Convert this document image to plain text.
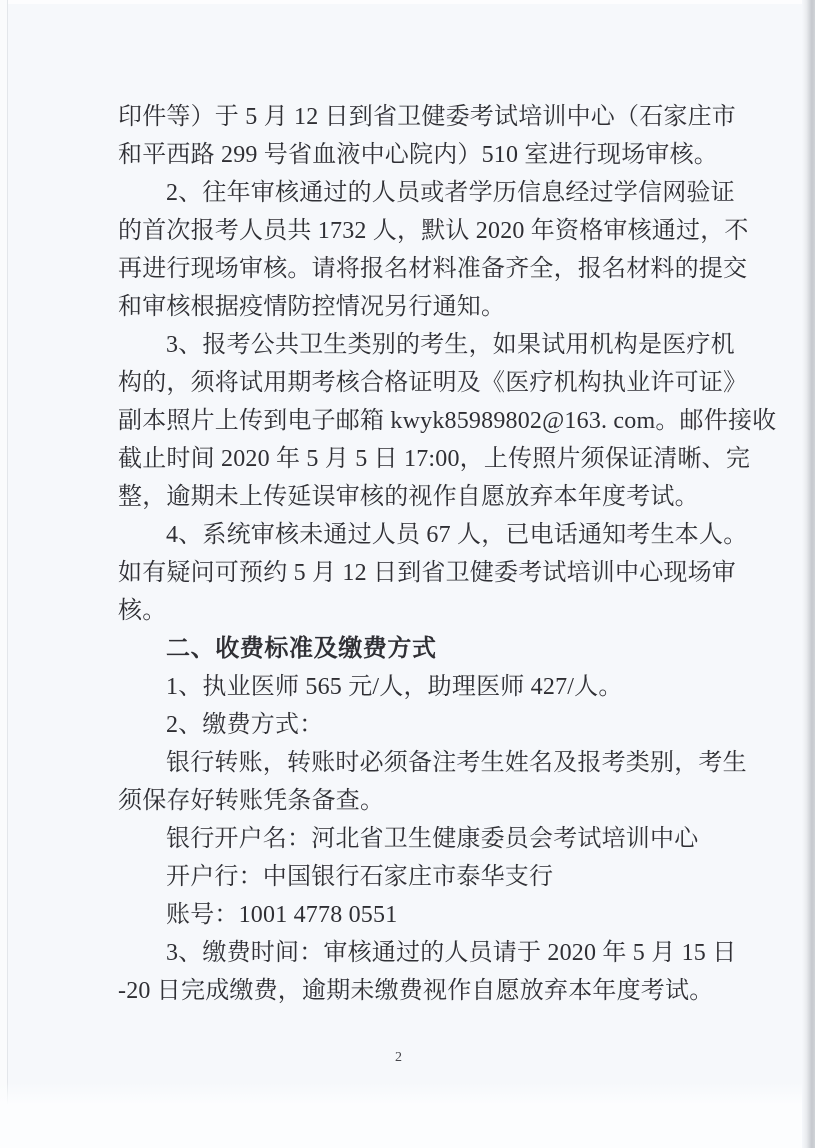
印件等）于 5 月 12 日到省卫健委考试培训中心（石家庄市
和平西路 299 号省血液中心院内）510 室进行现场审核。
2、往年审核通过的人员或者学历信息经过学信网验证
的首次报考人员共 1732 人，默认 2020 年资格审核通过，不
再进行现场审核。请将报名材料准备齐全，报名材料的提交
和审核根据疫情防控情况另行通知。
3、报考公共卫生类别的考生，如果试用机构是医疗机
构的，须将试用期考核合格证明及《医疗机构执业许可证》
副本照片上传到电子邮箱 kwyk85989802@163. com。邮件接收
截止时间 2020 年 5 月 5 日 17:00，上传照片须保证清晰、完
整，逾期未上传延误审核的视作自愿放弃本年度考试。
4、系统审核未通过人员 67 人，已电话通知考生本人。
如有疑问可预约 5 月 12 日到省卫健委考试培训中心现场审
核。
二、收费标准及缴费方式
1、执业医师 565 元/人，助理医师 427/人。
2、缴费方式：
银行转账，转账时必须备注考生姓名及报考类别，考生
须保存好转账凭条备查。
银行开户名：河北省卫生健康委员会考试培训中心
开户行：中国银行石家庄市泰华支行
账号：1001 4778 0551
3、缴费时间：审核通过的人员请于 2020 年 5 月 15 日
-20 日完成缴费，逾期未缴费视作自愿放弃本年度考试。
2
